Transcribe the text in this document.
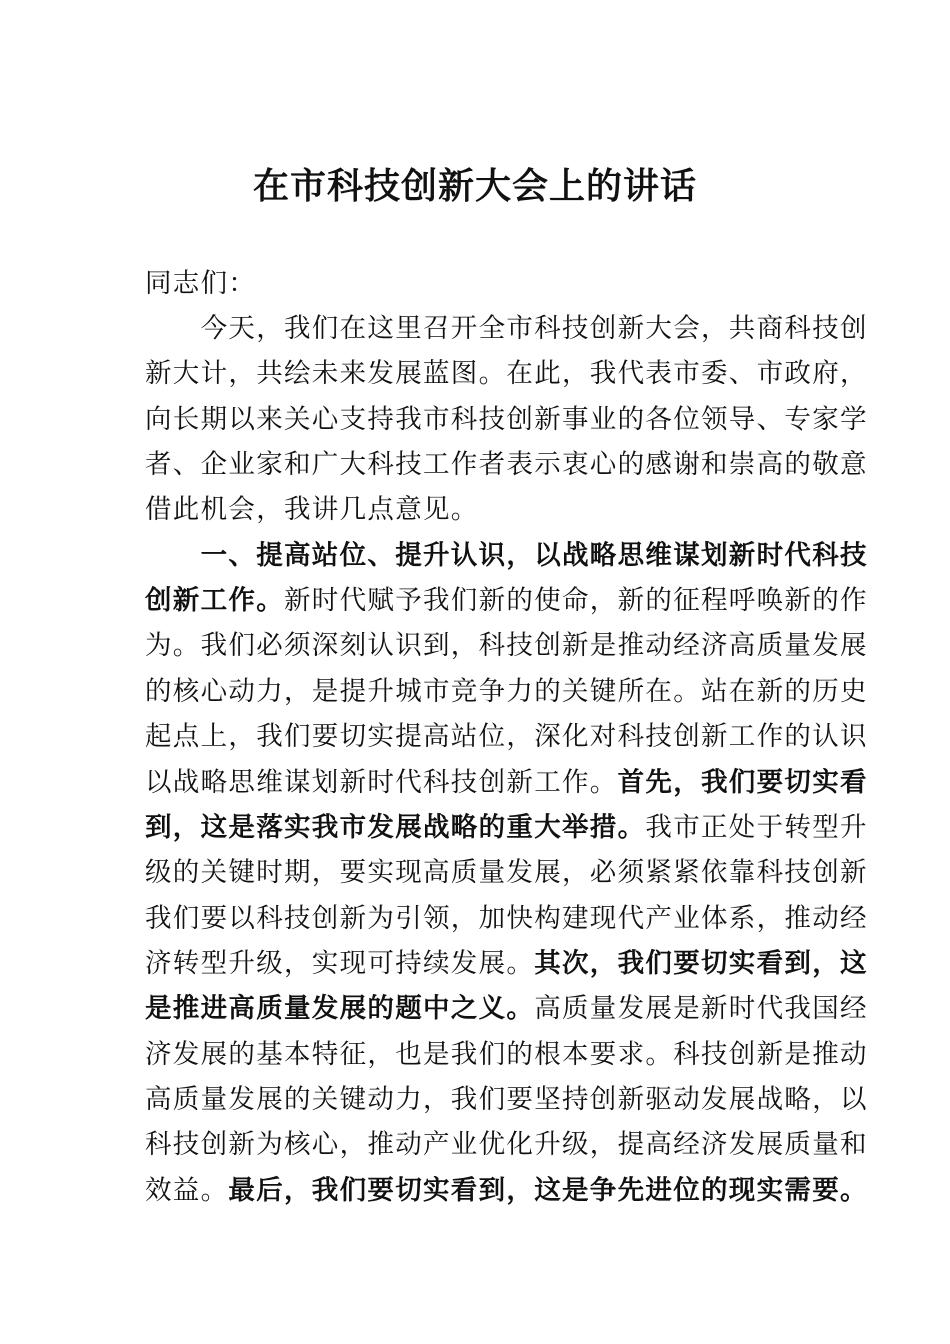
在市科技创新大会上的讲话
同志们：
　　今天，我们在这里召开全市科技创新大会，共商科技创
新大计，共绘未来发展蓝图。在此，我代表市委、市政府，
向长期以来关心支持我市科技创新事业的各位领导、专家学
者、企业家和广大科技工作者表示衷心的感谢和崇高的敬意
借此机会，我讲几点意见。
　　一、提高站位、提升认识，以战略思维谋划新时代科技
创新工作。新时代赋予我们新的使命，新的征程呼唤新的作
为。我们必须深刻认识到，科技创新是推动经济高质量发展
的核心动力，是提升城市竞争力的关键所在。站在新的历史
起点上，我们要切实提高站位，深化对科技创新工作的认识
以战略思维谋划新时代科技创新工作。首先，我们要切实看
到，这是落实我市发展战略的重大举措。我市正处于转型升
级的关键时期，要实现高质量发展，必须紧紧依靠科技创新
我们要以科技创新为引领，加快构建现代产业体系，推动经
济转型升级，实现可持续发展。其次，我们要切实看到，这
是推进高质量发展的题中之义。高质量发展是新时代我国经
济发展的基本特征，也是我们的根本要求。科技创新是推动
高质量发展的关键动力，我们要坚持创新驱动发展战略，以
科技创新为核心，推动产业优化升级，提高经济发展质量和
效益。最后，我们要切实看到，这是争先进位的现实需要。
